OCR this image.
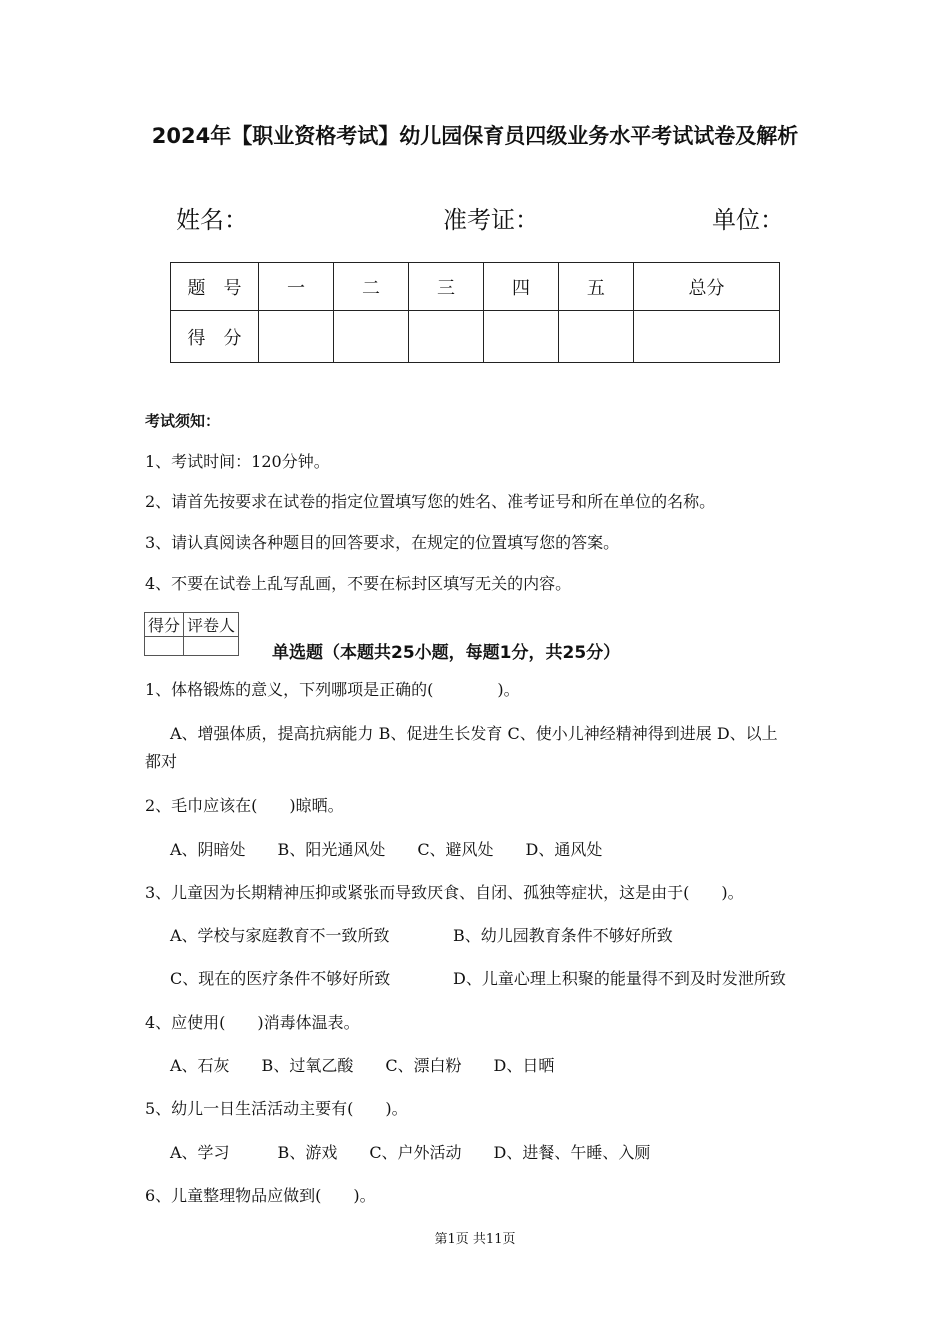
2024年【职业资格考试】幼儿园保育员四级业务水平考试试卷及解析
姓名：	准考证：	单位：
题　号	一	二	三	四	五	总分
得　分						
考试须知：
1、考试时间：120分钟。
2、请首先按要求在试卷的指定位置填写您的姓名、准考证号和所在单位的名称。
3、请认真阅读各种题目的回答要求，在规定的位置填写您的答案。
4、不要在试卷上乱写乱画，不要在标封区填写无关的内容。
得分	评卷人

单选题（本题共25小题，每题1分，共25分）
1、体格锻炼的意义，下列哪项是正确的(　　　　)。
A、增强体质，提高抗病能力 B、促进生长发育 C、使小儿神经精神得到进展 D、以上
都对
2、毛巾应该在(　　)晾晒。
A、阴暗处　　B、阳光通风处　　C、避风处　　D、通风处
3、儿童因为长期精神压抑或紧张而导致厌食、自闭、孤独等症状，这是由于(　　)。
A、学校与家庭教育不一致所致	B、幼儿园教育条件不够好所致
C、现在的医疗条件不够好所致	D、儿童心理上积聚的能量得不到及时发泄所致
4、应使用(　　)消毒体温表。
A、石灰　　B、过氧乙酸　　C、漂白粉　　D、日晒
5、幼儿一日生活活动主要有(　　)。
A、学习　　　B、游戏　　C、户外活动　　D、进餐、午睡、入厕
6、儿童整理物品应做到(　　)。
第1页 共11页
